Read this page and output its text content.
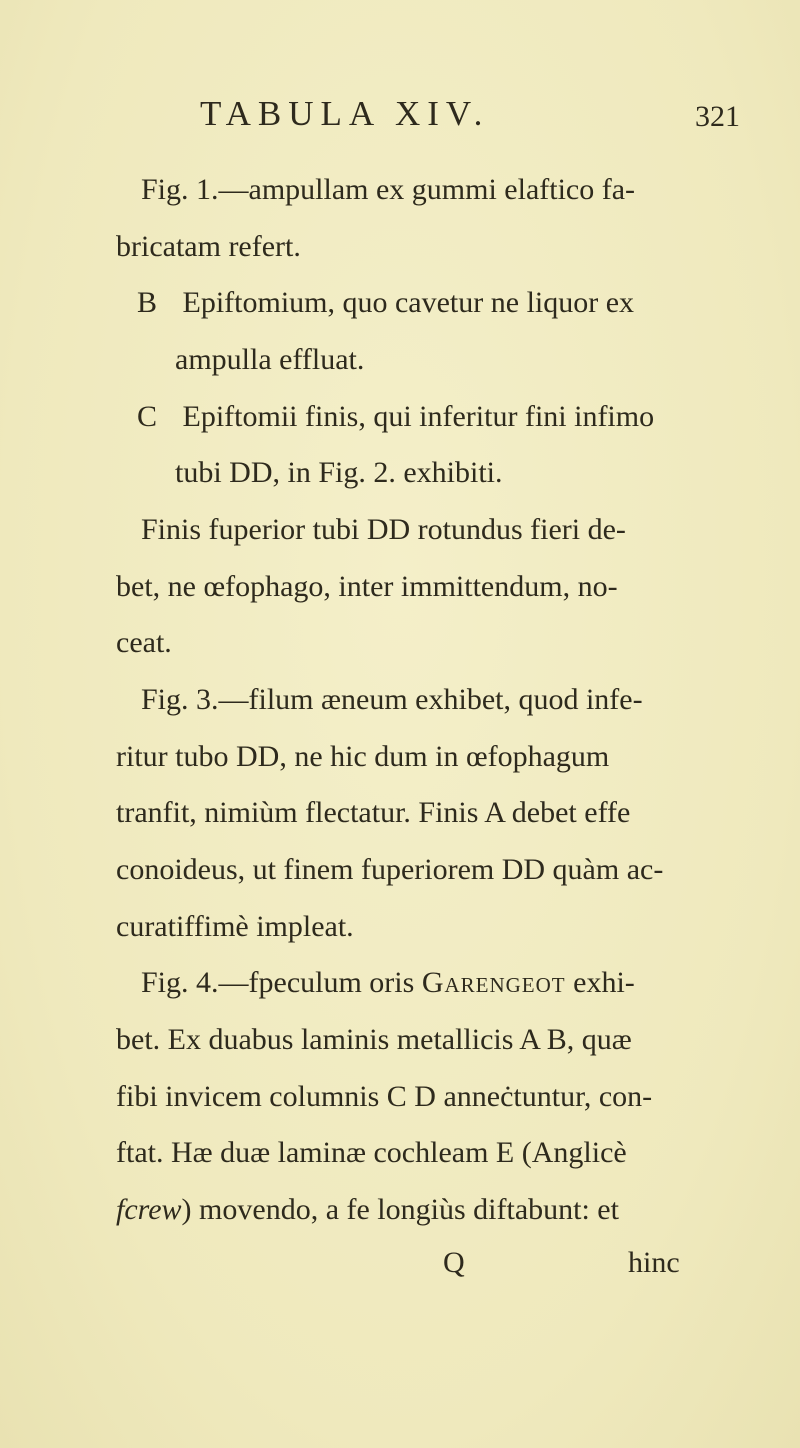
TABULA XIV.	321
Fig. 1.—ampullam ex gummi elaftico fa-
bricatam refert.
B Epiftomium, quo cavetur ne liquor ex
ampulla effluat.
C Epiftomii finis, qui inferitur fini infimo
tubi DD, in Fig. 2. exhibiti.
Finis fuperior tubi DD rotundus fieri de-
bet, ne œfophago, inter immittendum, no-
ceat.
Fig. 3.—filum æneum exhibet, quod infe-
ritur tubo DD, ne hic dum in œfophagum
tranfit, nimiùm flectatur. Finis A debet effe
conoideus, ut finem fuperiorem DD quàm ac-
curatiffimè impleat.
Fig. 4.—fpeculum oris Garengeot exhi-
bet. Ex duabus laminis metallicis A B, quæ
fibi invicem columnis C D anneċtuntur, con-
ftat. Hæ duæ laminæ cochleam E (Anglicè
fcrew) movendo, a fe longiùs diftabunt: et
Q	hinc
